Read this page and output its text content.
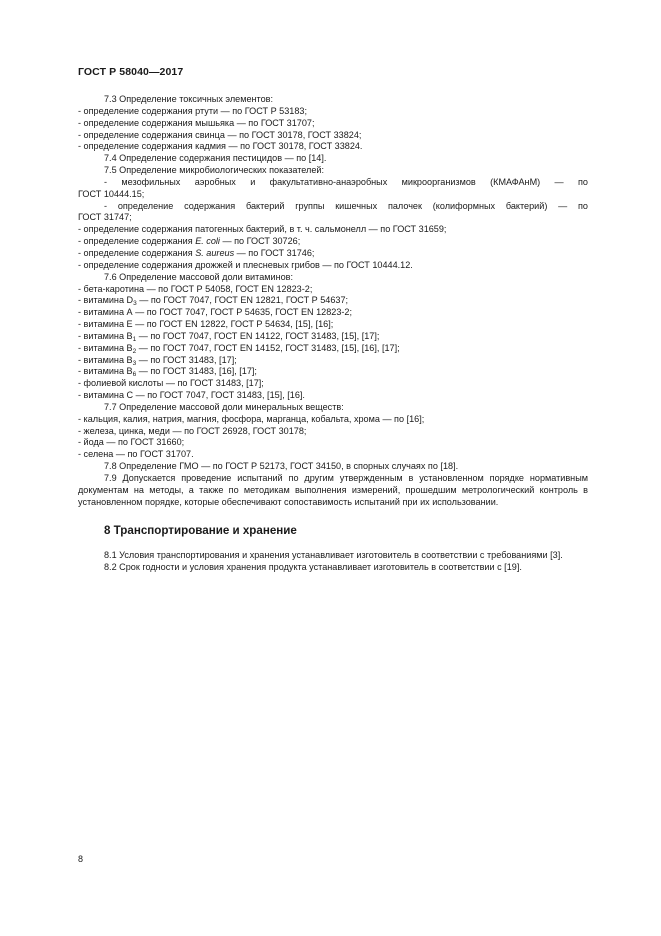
ГОСТ Р 58040—2017
7.3 Определение токсичных элементов:
- определение содержания ртути — по ГОСТ Р 53183;
- определение содержания мышьяка — по ГОСТ 31707;
- определение содержания свинца — по ГОСТ 30178, ГОСТ 33824;
- определение содержания кадмия — по ГОСТ 30178, ГОСТ 33824.
7.4 Определение содержания пестицидов — по [14].
7.5 Определение микробиологических показателей:
- мезофильных аэробных и факультативно-анаэробных микроорганизмов (КМАФАнМ) — по
ГОСТ 10444.15;
- определение содержания бактерий группы кишечных палочек (колиформных бактерий) — по
ГОСТ 31747;
- определение содержания патогенных бактерий, в т. ч. сальмонелл — по ГОСТ 31659;
- определение содержания E. coli — по ГОСТ 30726;
- определение содержания S. aureus — по ГОСТ 31746;
- определение содержания дрожжей и плесневых грибов — по ГОСТ 10444.12.
7.6 Определение массовой доли витаминов:
- бета-каротина — по ГОСТ Р 54058, ГОСТ EN 12823-2;
- витамина $D_3$ — по ГОСТ 7047, ГОСТ EN 12821, ГОСТ Р 54637;
- витамина А — по ГОСТ 7047, ГОСТ Р 54635, ГОСТ EN 12823-2;
- витамина Е — по ГОСТ EN 12822, ГОСТ Р 54634, [15], [16];
- витамина $В_1$ — по ГОСТ 7047, ГОСТ EN 14122, ГОСТ 31483, [15], [17];
- витамина $В_2$ — по ГОСТ 7047, ГОСТ EN 14152, ГОСТ 31483, [15], [16], [17];
- витамина $В_3$ — по ГОСТ 31483, [17];
- витамина $В_6$ — по ГОСТ 31483, [16], [17];
- фолиевой кислоты — по ГОСТ 31483, [17];
- витамина С — по ГОСТ 7047, ГОСТ 31483, [15], [16].
7.7 Определение массовой доли минеральных веществ:
- кальция, калия, натрия, магния, фосфора, марганца, кобальта, хрома — по [16];
- железа, цинка, меди — по ГОСТ 26928, ГОСТ 30178;
- йода — по ГОСТ 31660;
- селена — по ГОСТ 31707.
7.8 Определение ГМО — по ГОСТ Р 52173, ГОСТ 34150, в спорных случаях по [18].
7.9 Допускается проведение испытаний по другим утвержденным в установленном порядке нормативным документам на методы, а также по методикам выполнения измерений, прошедшим метрологический контроль в установленном порядке, которые обеспечивают сопоставимость испытаний при их использовании.
8 Транспортирование и хранение
8.1 Условия транспортирования и хранения устанавливает изготовитель в соответствии с требованиями [3].
8.2 Срок годности и условия хранения продукта устанавливает изготовитель в соответствии с [19].
8
